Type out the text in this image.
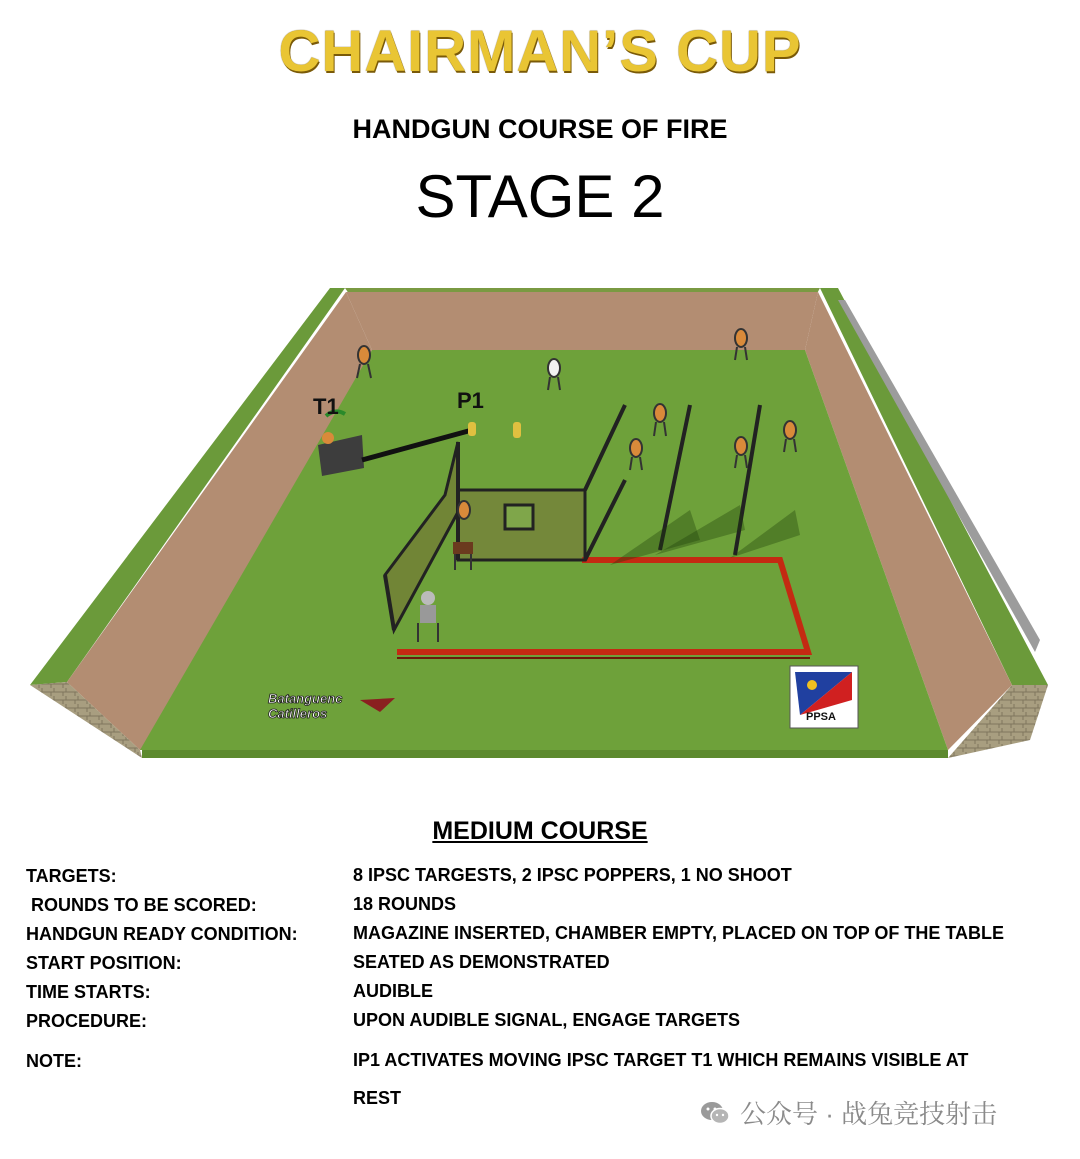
CHAIRMAN’S CUP
HANDGUN COURSE OF FIRE
STAGE 2
T1	P1
Batanguenc
Catilleros	PPSA
MEDIUM COURSE
TARGETS:	8 IPSC TARGESTS, 2 IPSC POPPERS, 1 NO SHOOT
ROUNDS TO BE SCORED:	18 ROUNDS
HANDGUN READY CONDITION:	MAGAZINE INSERTED, CHAMBER EMPTY, PLACED ON TOP OF THE TABLE
START POSITION:	SEATED AS DEMONSTRATED
TIME STARTS:	AUDIBLE
PROCEDURE:	UPON AUDIBLE SIGNAL, ENGAGE TARGETS
NOTE:	IP1 ACTIVATES MOVING IPSC TARGET T1 WHICH REMAINS VISIBLE AT REST
公众号 · 战兔竞技射击
